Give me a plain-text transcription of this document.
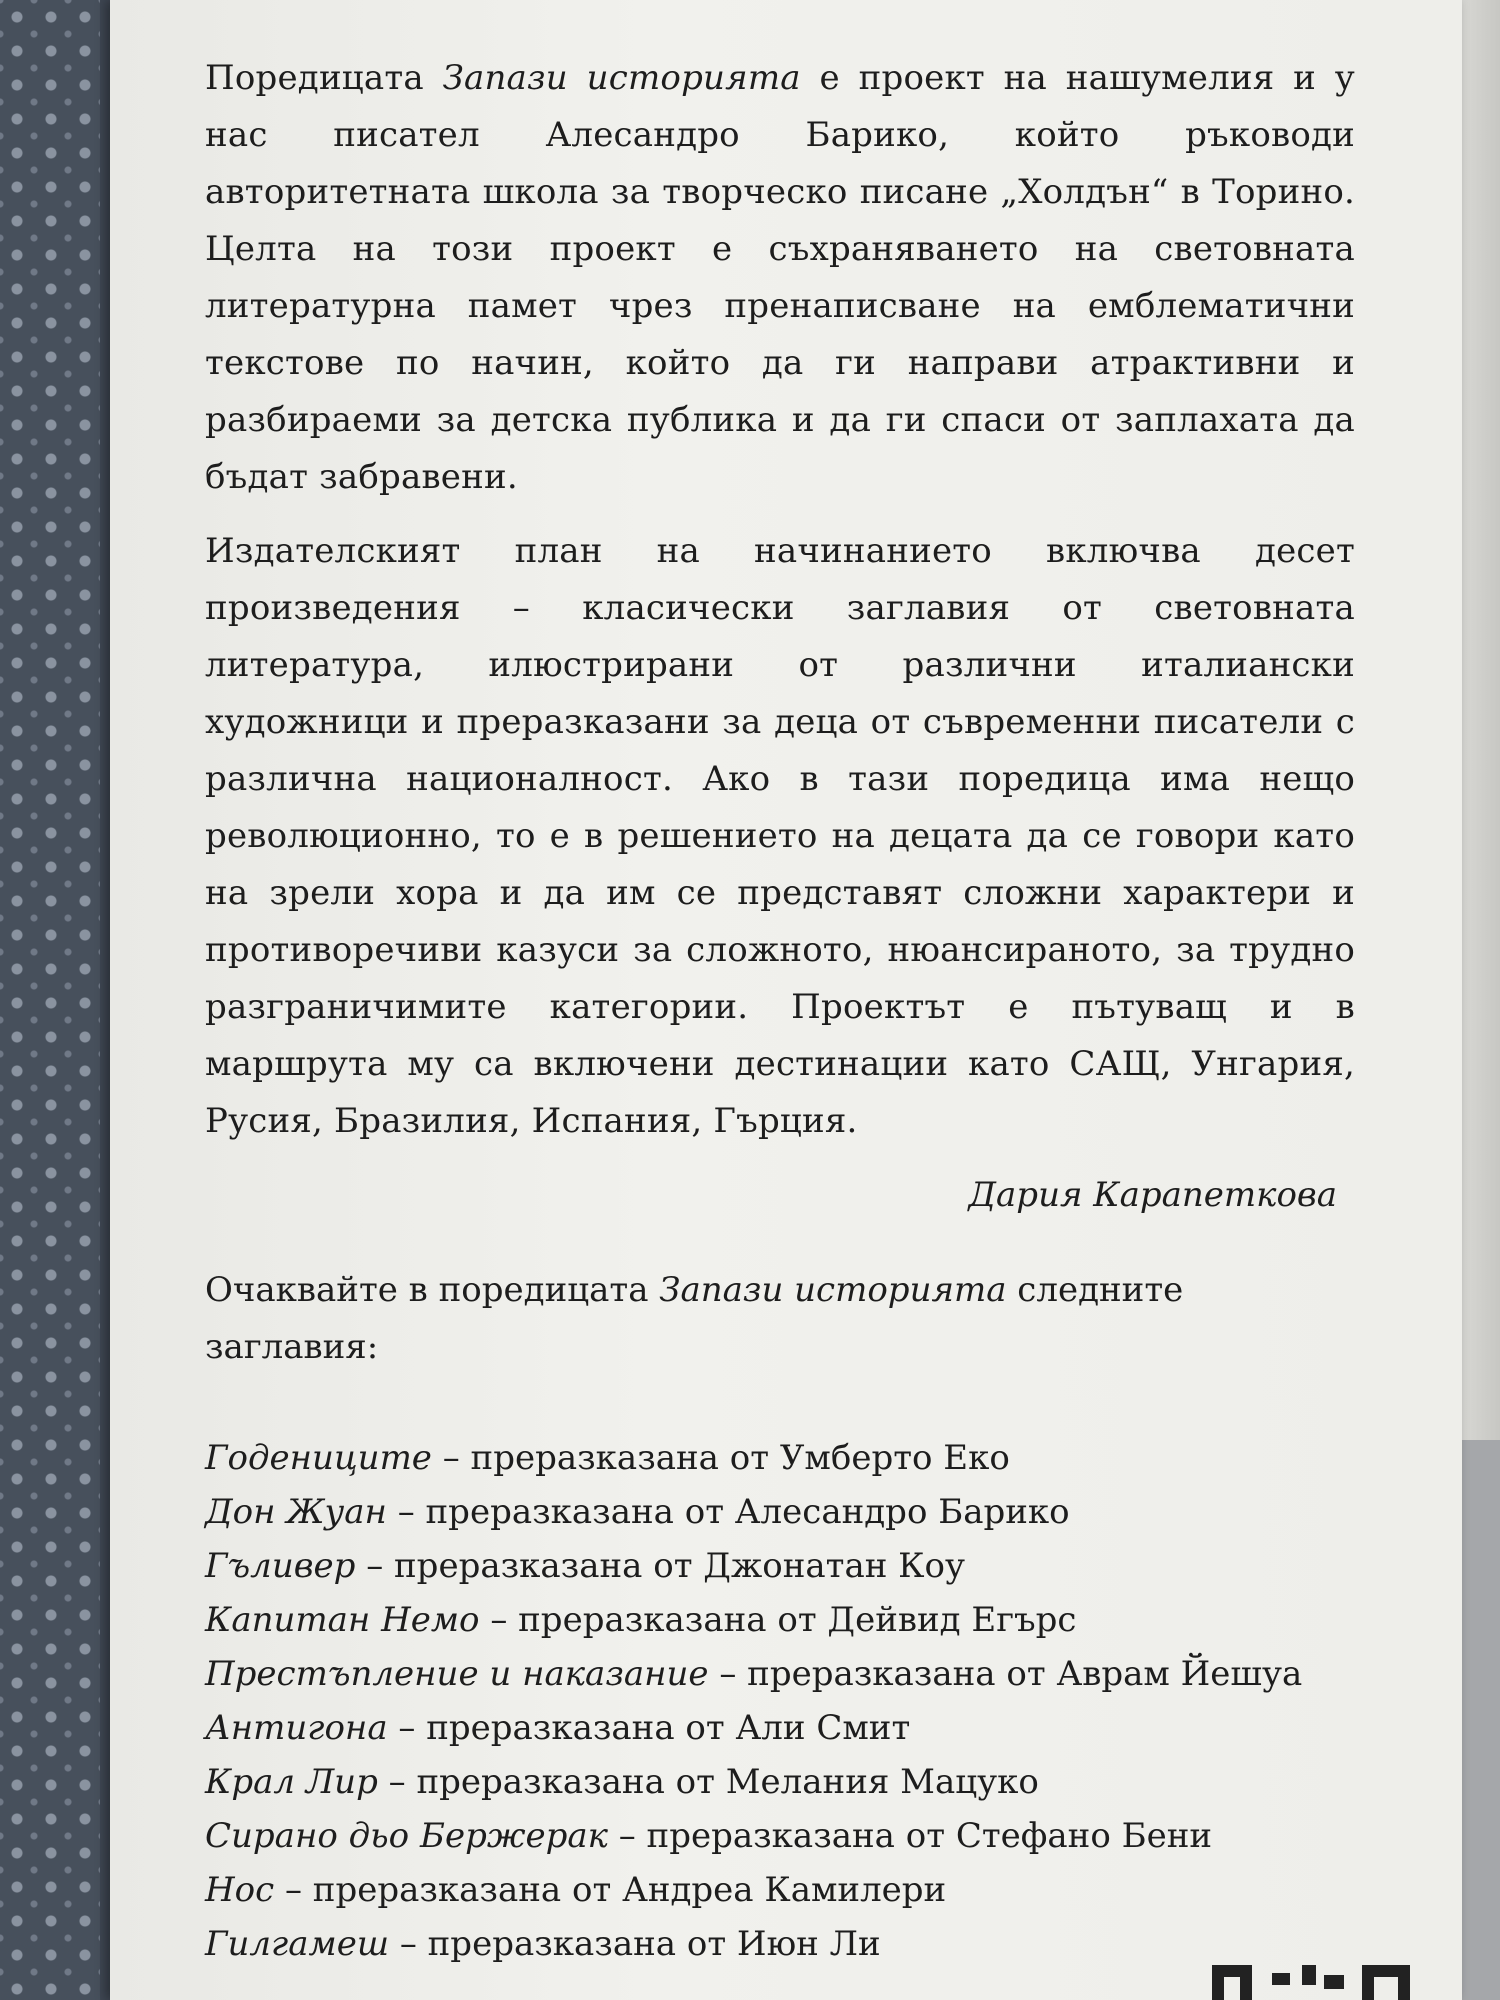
Поредицата Запази историята е проект на нашумелия и у нас писател Алесандро Барико, който ръководи авторитетната школа за творческо писане „Холдън“ в Торино. Целта на този проект е съхраняването на световната литературна памет чрез пренаписване на емблематични текстове по начин, който да ги направи атрактивни и разбираеми за детска публика и да ги спаси от заплахата да бъдат забравени.

Издателският план на начинанието включва десет произведения – класически заглавия от световната литература, илюстрирани от различни италиански художници и преразказани за деца от съвременни писатели с различна националност. Ако в тази поредица има нещо революционно, то е в решението на децата да се говори като на зрели хора и да им се представят сложни характери и противоречиви казуси за сложното, нюансираното, за трудно разграничимите категории. Проектът е пътуващ и в маршрута му са включени дестинации като САЩ, Унгария, Русия, Бразилия, Испания, Гърция.

Дария Карапеткова

Очаквайте в поредицата Запази историята следните заглавия:

Годениците – преразказана от Умберто Еко
Дон Жуан – преразказана от Алесандро Барико
Гъливер – преразказана от Джонатан Коу
Капитан Немо – преразказана от Дейвид Егърс
Престъпление и наказание – преразказана от Аврам Йешуа
Антигона – преразказана от Али Смит
Крал Лир – преразказана от Мелания Мацуко
Сирано дьо Бержерак – преразказана от Стефано Бени
Нос – преразказана от Андреа Камилери
Гилгамеш – преразказана от Июн Ли
